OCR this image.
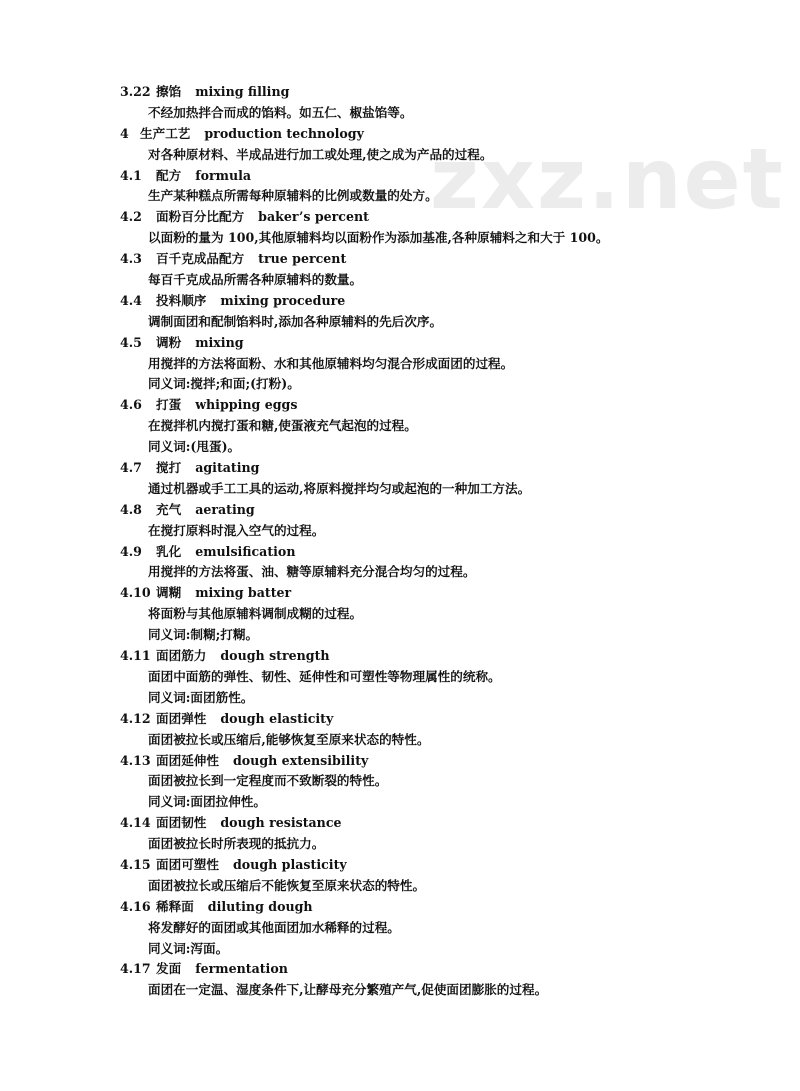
zxz.net
3.22 擦馅 mixing filling
不经加热拌合而成的馅料。如五仁、椒盐馅等。
4 生产工艺 production technology
对各种原材料、半成品进行加工或处理,使之成为产品的过程。
4.1 配方 formula
生产某种糕点所需每种原辅料的比例或数量的处方。
4.2 面粉百分比配方 baker’s percent
以面粉的量为 100,其他原辅料均以面粉作为添加基准,各种原辅料之和大于 100。
4.3 百千克成品配方 true percent
每百千克成品所需各种原辅料的数量。
4.4 投料顺序 mixing procedure
调制面团和配制馅料时,添加各种原辅料的先后次序。
4.5 调粉 mixing
用搅拌的方法将面粉、水和其他原辅料均匀混合形成面团的过程。
同义词:搅拌;和面;(打粉)。
4.6 打蛋 whipping eggs
在搅拌机内搅打蛋和糖,使蛋液充气起泡的过程。
同义词:(甩蛋)。
4.7 搅打 agitating
通过机器或手工工具的运动,将原料搅拌均匀或起泡的一种加工方法。
4.8 充气 aerating
在搅打原料时混入空气的过程。
4.9 乳化 emulsification
用搅拌的方法将蛋、油、糖等原辅料充分混合均匀的过程。
4.10 调糊 mixing batter
将面粉与其他原辅料调制成糊的过程。
同义词:制糊;打糊。
4.11 面团筋力 dough strength
面团中面筋的弹性、韧性、延伸性和可塑性等物理属性的统称。
同义词:面团筋性。
4.12 面团弹性 dough elasticity
面团被拉长或压缩后,能够恢复至原来状态的特性。
4.13 面团延伸性 dough extensibility
面团被拉长到一定程度而不致断裂的特性。
同义词:面团拉伸性。
4.14 面团韧性 dough resistance
面团被拉长时所表现的抵抗力。
4.15 面团可塑性 dough plasticity
面团被拉长或压缩后不能恢复至原来状态的特性。
4.16 稀释面 diluting dough
将发酵好的面团或其他面团加水稀释的过程。
同义词:泻面。
4.17 发面 fermentation
面团在一定温、湿度条件下,让酵母充分繁殖产气,促使面团膨胀的过程。
